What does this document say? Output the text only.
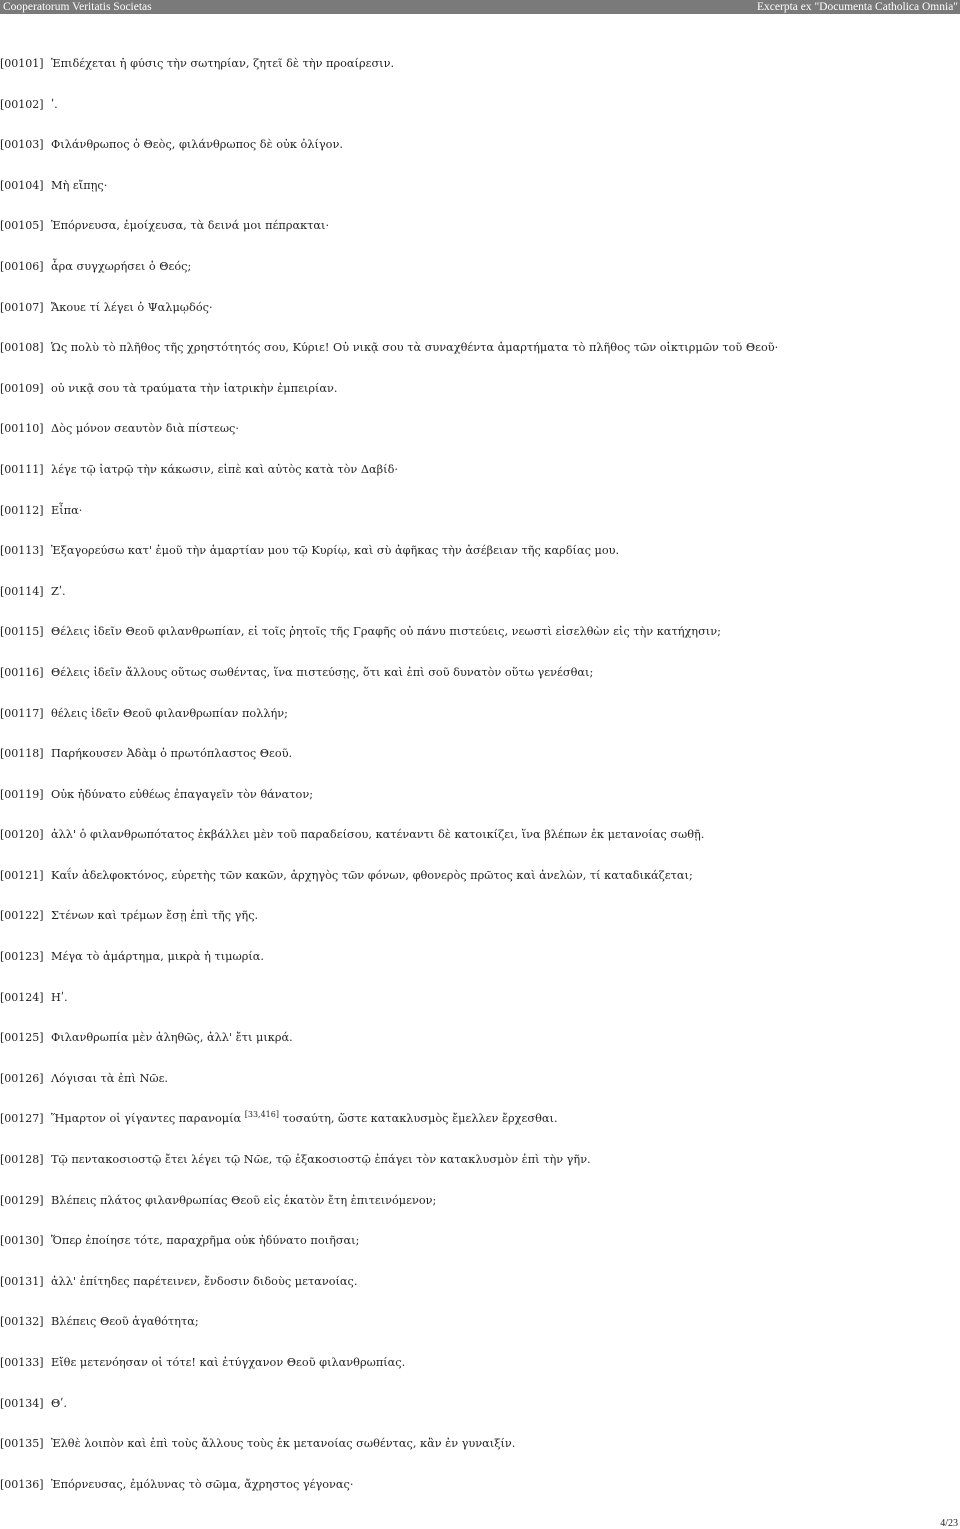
Cooperatorum Veritatis Societas	Excerpta ex "Documenta Catholica Omnia"
[00101] Ἐπιδέχεται ἡ φύσις τὴν σωτηρίαν, ζητεῖ δὲ τὴν προαίρεσιν.
[00102] ʹ.
[00103] Φιλάνθρωπος ὁ Θεὸς, φιλάνθρωπος δὲ οὐκ ὀλίγον.
[00104] Μὴ εἴπῃς·
[00105] Ἐπόρνευσα, ἐμοίχευσα, τὰ δεινά μοι πέπρακται·
[00106] ἆρα συγχωρήσει ὁ Θεός;
[00107] Ἄκουε τί λέγει ὁ Ψαλμῳδός·
[00108] Ὡς πολὺ τὸ πλῆθος τῆς χρηστότητός σου, Κύριε! Οὐ νικᾷ σου τὰ συναχθέντα ἁμαρτήματα τὸ πλῆθος τῶν οἰκτιρμῶν τοῦ Θεοῦ·
[00109] οὐ νικᾷ σου τὰ τραύματα τὴν ἰατρικὴν ἐμπειρίαν.
[00110] Δὸς μόνον σεαυτὸν διὰ πίστεως·
[00111] λέγε τῷ ἰατρῷ τὴν κάκωσιν, εἰπὲ καὶ αὐτὸς κατὰ τὸν Δαβίδ·
[00112] Εἶπα·
[00113] Ἐξαγορεύσω κατ' ἐμοῦ τὴν ἁμαρτίαν μου τῷ Κυρίῳ, καὶ σὺ ἀφῆκας τὴν ἀσέβειαν τῆς καρδίας μου.
[00114] Ζʹ.
[00115] Θέλεις ἰδεῖν Θεοῦ φιλανθρωπίαν, εἰ τοῖς ῥητοῖς τῆς Γραφῆς οὐ πάνυ πιστεύεις, νεωστὶ εἰσελθὼν εἰς τὴν κατήχησιν;
[00116] Θέλεις ἰδεῖν ἄλλους οὕτως σωθέντας, ἵνα πιστεύσῃς, ὅτι καὶ ἐπὶ σοῦ δυνατὸν οὕτω γενέσθαι;
[00117] θέλεις ἰδεῖν Θεοῦ φιλανθρωπίαν πολλήν;
[00118] Παρήκουσεν Ἀδὰμ ὁ πρωτόπλαστος Θεοῦ.
[00119] Οὐκ ἠδύνατο εὐθέως ἐπαγαγεῖν τὸν θάνατον;
[00120] ἀλλ' ὁ φιλανθρωπότατος ἐκβάλλει μὲν τοῦ παραδείσου, κατέναντι δὲ κατοικίζει, ἵνα βλέπων ἐκ μετανοίας σωθῇ.
[00121] Καΐν ἀδελφοκτόνος, εὑρετὴς τῶν κακῶν, ἀρχηγὸς τῶν φόνων, φθονερὸς πρῶτος καὶ ἀνελὼν, τί καταδικάζεται;
[00122] Στένων καὶ τρέμων ἔσῃ ἐπὶ τῆς γῆς.
[00123] Μέγα τὸ ἁμάρτημα, μικρὰ ἡ τιμωρία.
[00124] Ηʹ.
[00125] Φιλανθρωπία μὲν ἀληθῶς, ἀλλ' ἔτι μικρά.
[00126] Λόγισαι τὰ ἐπὶ Νῶε.
[00127] Ἥμαρτον οἱ γίγαντες παρανομία [33,416] τοσαύτη, ὥστε κατακλυσμὸς ἔμελλεν ἔρχεσθαι.
[00128] Τῷ πεντακοσιοστῷ ἔτει λέγει τῷ Νῶε, τῷ ἑξακοσιοστῷ ἐπάγει τὸν κατακλυσμὸν ἐπὶ τὴν γῆν.
[00129] Βλέπεις πλάτος φιλανθρωπίας Θεοῦ εἰς ἑκατὸν ἔτη ἐπιτεινόμενον;
[00130] Ὅπερ ἐποίησε τότε, παραχρῆμα οὐκ ἠδύνατο ποιῆσαι;
[00131] ἀλλ' ἐπίτηδες παρέτεινεν, ἔνδοσιν διδοὺς μετανοίας.
[00132] Βλέπεις Θεοῦ ἀγαθότητα;
[00133] Εἴθε μετενόησαν οἱ τότε! καὶ ἐτύγχανον Θεοῦ φιλανθρωπίας.
[00134] Θʹ.
[00135] Ἐλθὲ λοιπὸν καὶ ἐπὶ τοὺς ἄλλους τοὺς ἐκ μετανοίας σωθέντας, κἂν ἐν γυναιξίν.
[00136] Ἐπόρνευσας, ἐμόλυνας τὸ σῶμα, ἄχρηστος γέγονας·
4/23
